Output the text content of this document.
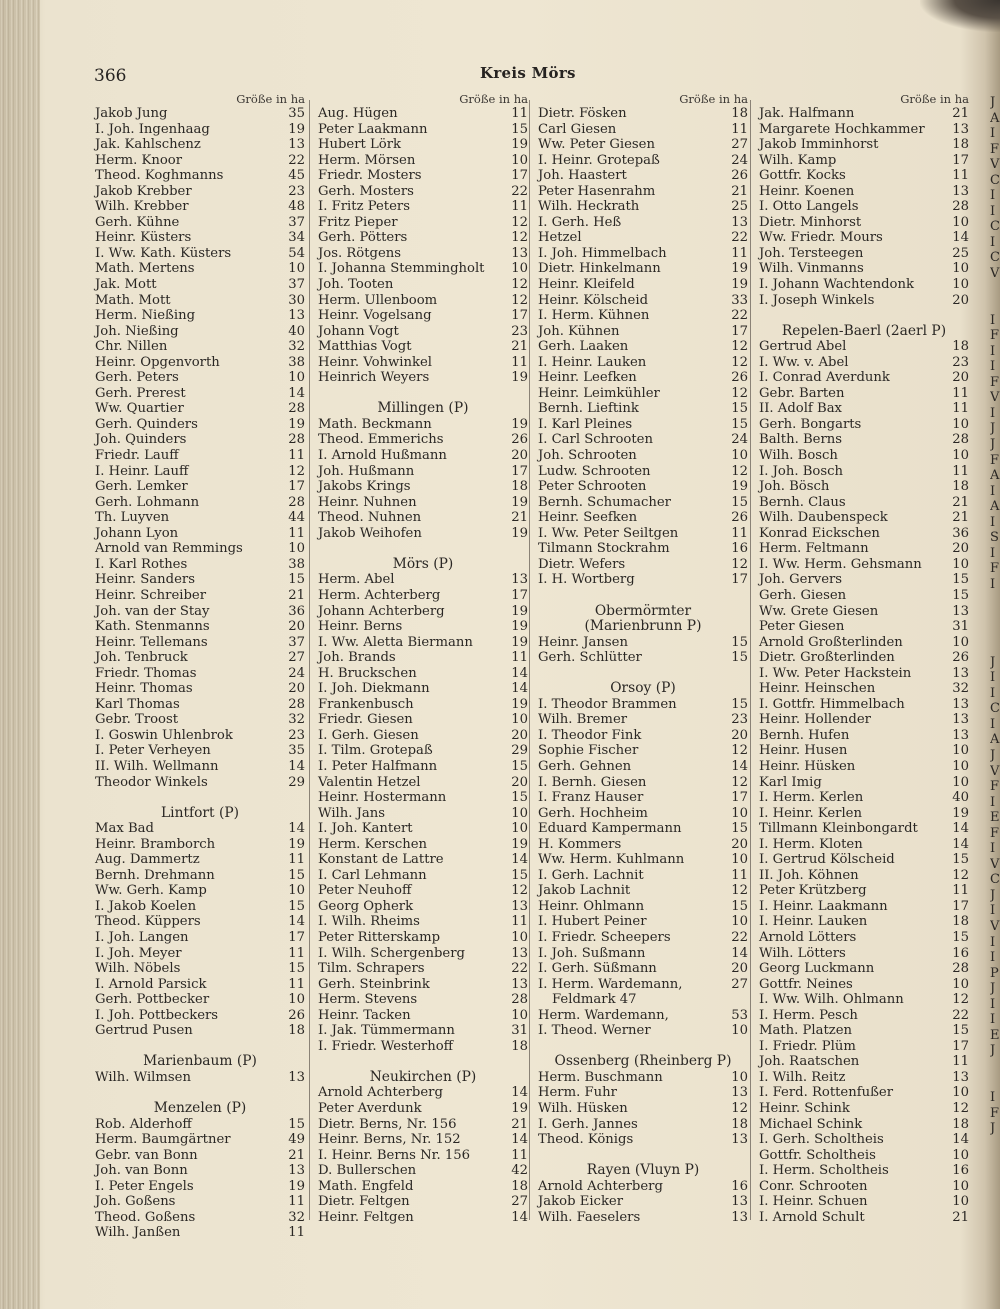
366	Kreis Mörs
Größe in ha
Jakob Jung	35
I. Joh. Ingenhaag	19
Jak. Kahlschenz	13
Herm. Knoor	22
Theod. Koghmanns	45
Jakob Krebber	23
Wilh. Krebber	48
Gerh. Kühne	37
Heinr. Küsters	34
I. Ww. Kath. Küsters	54
Math. Mertens	10
Jak. Mott	37
Math. Mott	30
Herm. Nießing	13
Joh. Nießing	40
Chr. Nillen	32
Heinr. Opgenvorth	38
Gerh. Peters	10
Gerh. Prerest	14
Ww. Quartier	28
Gerh. Quinders	19
Joh. Quinders	28
Friedr. Lauff	11
I. Heinr. Lauff	12
Gerh. Lemker	17
Gerh. Lohmann	28
Th. Luyven	44
Johann Lyon	11
Arnold van Remmings	10
I. Karl Rothes	38
Heinr. Sanders	15
Heinr. Schreiber	21
Joh. van der Stay	36
Kath. Stenmanns	20
Heinr. Tellemans	37
Joh. Tenbruck	27
Friedr. Thomas	24
Heinr. Thomas	20
Karl Thomas	28
Gebr. Troost	32
I. Goswin Uhlenbrok	23
I. Peter Verheyen	35
II. Wilh. Wellmann	14
Theodor Winkels	29
Lintfort (P)
Max Bad	14
Heinr. Bramborch	19
Aug. Dammertz	11
Bernh. Drehmann	15
Ww. Gerh. Kamp	10
I. Jakob Koelen	15
Theod. Küppers	14
I. Joh. Langen	17
I. Joh. Meyer	11
Wilh. Nöbels	15
I. Arnold Parsick	11
Gerh. Pottbecker	10
I. Joh. Pottbeckers	26
Gertrud Pusen	18
Marienbaum (P)
Wilh. Wilmsen	13
Menzelen (P)
Rob. Alderhoff	15
Herm. Baumgärtner	49
Gebr. van Bonn	21
Joh. van Bonn	13
I. Peter Engels	19
Joh. Goßens	11
Theod. Goßens	32
Wilh. Janßen	11
Größe in ha
Aug. Hügen	11
Peter Laakmann	15
Hubert Lörk	19
Herm. Mörsen	10
Friedr. Mosters	17
Gerh. Mosters	22
I. Fritz Peters	11
Fritz Pieper	12
Gerh. Pötters	12
Jos. Rötgens	13
I. Johanna Stemmingholt	10
Joh. Tooten	12
Herm. Ullenboom	12
Heinr. Vogelsang	17
Johann Vogt	23
Matthias Vogt	21
Heinr. Vohwinkel	11
Heinrich Weyers	19
Millingen (P)
Math. Beckmann	19
Theod. Emmerichs	26
I. Arnold Hußmann	20
Joh. Hußmann	17
Jakobs Krings	18
Heinr. Nuhnen	19
Theod. Nuhnen	21
Jakob Weihofen	19
Mörs (P)
Herm. Abel	13
Herm. Achterberg	17
Johann Achterberg	19
Heinr. Berns	19
I. Ww. Aletta Biermann	19
Joh. Brands	11
H. Bruckschen	14
I. Joh. Diekmann	14
Frankenbusch	19
Friedr. Giesen	10
I. Gerh. Giesen	20
I. Tilm. Grotepaß	29
I. Peter Halfmann	15
Valentin Hetzel	20
Heinr. Hostermann	15
Wilh. Jans	10
I. Joh. Kantert	10
Herm. Kerschen	19
Konstant de Lattre	14
I. Carl Lehmann	15
Peter Neuhoff	12
Georg Opherk	13
I. Wilh. Rheims	11
Peter Ritterskamp	10
I. Wilh. Schergenberg	13
Tilm. Schrapers	22
Gerh. Steinbrink	13
Herm. Stevens	28
Heinr. Tacken	10
I. Jak. Tümmermann	31
I. Friedr. Westerhoff	18
Neukirchen (P)
Arnold Achterberg	14
Peter Averdunk	19
Dietr. Berns, Nr. 156	21
Heinr. Berns, Nr. 152	14
I. Heinr. Berns Nr. 156	11
D. Bullerschen	42
Math. Engfeld	18
Dietr. Feltgen	27
Heinr. Feltgen	14
Größe in ha
Dietr. Fösken	18
Carl Giesen	11
Ww. Peter Giesen	27
I. Heinr. Grotepaß	24
Joh. Haastert	26
Peter Hasenrahm	21
Wilh. Heckrath	25
I. Gerh. Heß	13
Hetzel	22
I. Joh. Himmelbach	11
Dietr. Hinkelmann	19
Heinr. Kleifeld	19
Heinr. Kölscheid	33
I. Herm. Kühnen	22
Joh. Kühnen	17
Gerh. Laaken	12
I. Heinr. Lauken	12
Heinr. Leefken	26
Heinr. Leimkühler	12
Bernh. Lieftink	15
I. Karl Pleines	15
I. Carl Schrooten	24
Joh. Schrooten	10
Ludw. Schrooten	12
Peter Schrooten	19
Bernh. Schumacher	15
Heinr. Seefken	26
I. Ww. Peter Seiltgen	11
Tilmann Stockrahm	16
Dietr. Wefers	12
I. H. Wortberg	17
Obermörmter
(Marienbrunn P)
Heinr. Jansen	15
Gerh. Schlütter	15
Orsoy (P)
I. Theodor Brammen	15
Wilh. Bremer	23
I. Theodor Fink	20
Sophie Fischer	12
Gerh. Gehnen	14
I. Bernh. Giesen	12
I. Franz Hauser	17
Gerh. Hochheim	10
Eduard Kampermann	15
H. Kommers	20
Ww. Herm. Kuhlmann	10
I. Gerh. Lachnit	11
Jakob Lachnit	12
Heinr. Ohlmann	15
I. Hubert Peiner	10
I. Friedr. Scheepers	22
I. Joh. Sußmann	14
I. Gerh. Süßmann	20
I. Herm. Wardemann,	27
Feldmark 47
Herm. Wardemann,	53
I. Theod. Werner	10
Ossenberg (Rheinberg P)
Herm. Buschmann	10
Herm. Fuhr	13
Wilh. Hüsken	12
I. Gerh. Jannes	18
Theod. Königs	13
Rayen (Vluyn P)
Arnold Achterberg	16
Jakob Eicker	13
Wilh. Faeselers	13
Größe in ha
Jak. Halfmann	21
Margarete Hochkammer	13
Jakob Imminhorst	18
Wilh. Kamp	17
Gottfr. Kocks	11
Heinr. Koenen	13
I. Otto Langels	28
Dietr. Minhorst	10
Ww. Friedr. Mours	14
Joh. Tersteegen	25
Wilh. Vinmanns	10
I. Johann Wachtendonk	10
I. Joseph Winkels	20
Repelen-Baerl (2aerl P)
Gertrud Abel	18
I. Ww. v. Abel	23
I. Conrad Averdunk	20
Gebr. Barten	11
II. Adolf Bax	11
Gerh. Bongarts	10
Balth. Berns	28
Wilh. Bosch	10
I. Joh. Bosch	11
Joh. Bösch	18
Bernh. Claus	21
Wilh. Daubenspeck	21
Konrad Eickschen	36
Herm. Feltmann	20
I. Ww. Herm. Gehsmann	10
Joh. Gervers	15
Gerh. Giesen	15
Ww. Grete Giesen	13
Peter Giesen	31
Arnold Großterlinden	10
Dietr. Großterlinden	26
I. Ww. Peter Hackstein	13
Heinr. Heinschen	32
I. Gottfr. Himmelbach	13
Heinr. Hollender	13
Bernh. Hufen	13
Heinr. Husen	10
Heinr. Hüsken	10
Karl Imig	10
I. Herm. Kerlen	40
I. Heinr. Kerlen	19
Tillmann Kleinbongardt	14
I. Herm. Kloten	14
I. Gertrud Kölscheid	15
II. Joh. Köhnen	12
Peter Krützberg	11
I. Heinr. Laakmann	17
I. Heinr. Lauken	18
Arnold Lötters	15
Wilh. Lötters	16
Georg Luckmann	28
Gottfr. Neines	10
I. Ww. Wilh. Ohlmann	12
I. Herm. Pesch	22
Math. Platzen	15
I. Friedr. Plüm	17
Joh. Raatschen	11
I. Wilh. Reitz	13
I. Ferd. Rottenfußer	10
Heinr. Schink	12
Michael Schink	18
I. Gerh. Scholtheis	14
Gottfr. Scholtheis	10
I. Herm. Scholtheis	16
Conr. Schrooten	10
I. Heinr. Schuen	10
I. Arnold Schult	21
J
A
I
F
V
C
I
I
C
I
C
V
I
F
I
I
F
V
I
J
J
F
A
I
A
I
S
I
F
I
J
I
I
C
I
A
J
V
F
I
E
F
I
V
C
J
I
V
I
I
P
J
I
I
E
J
I
F
J
